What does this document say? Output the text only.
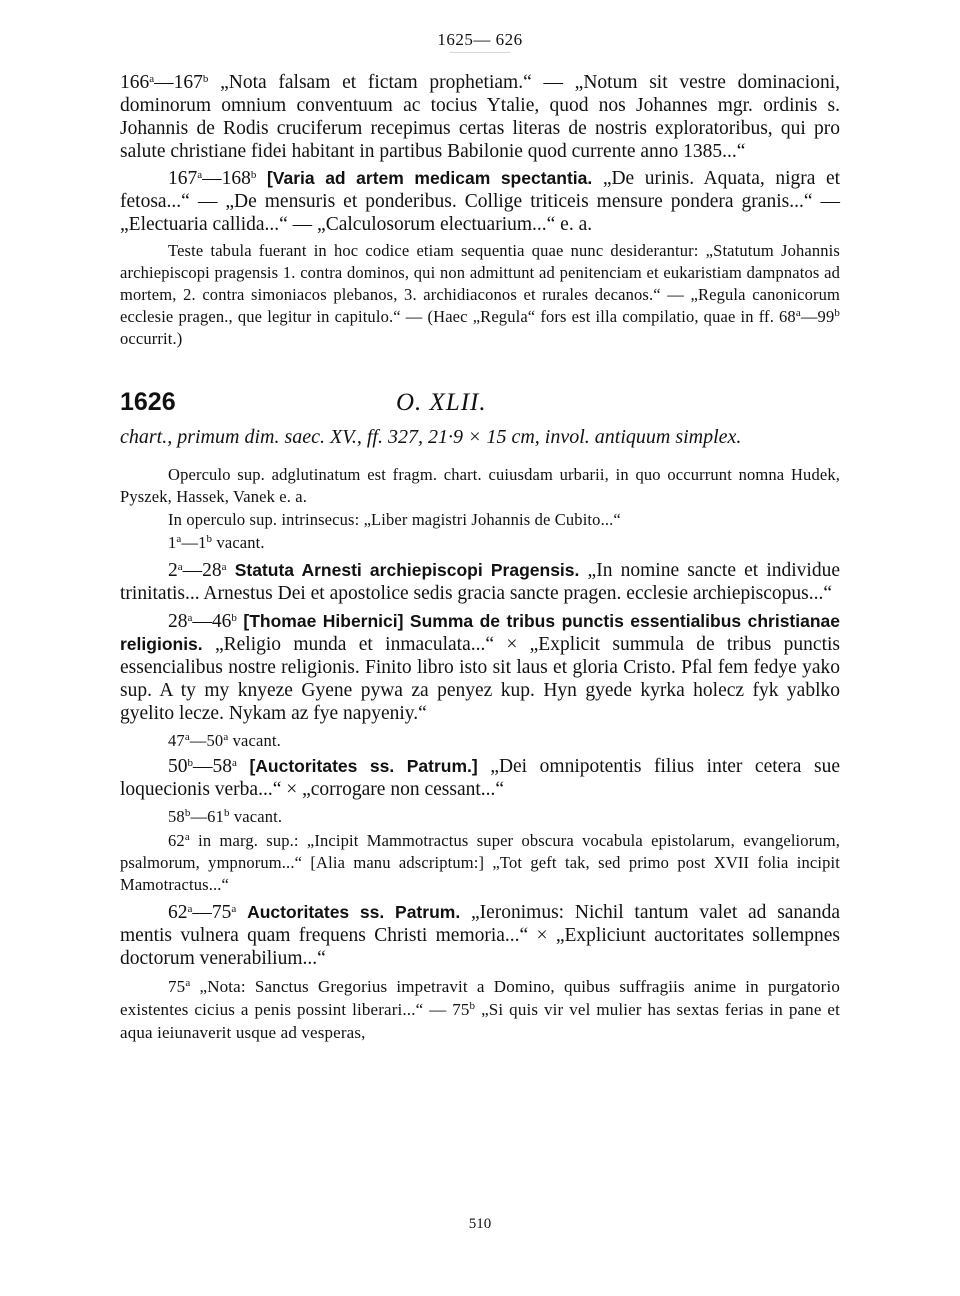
1625— 626
166$^a$—167$^b$ „Nota falsam et fictam prophetiam.“ — „Notum sit vestre dominacioni, dominorum omnium conventuum ac tocius Ytalie, quod nos Johannes mgr. ordinis s. Johannis de Rodis cruciferum recepimus certas literas de nostris exploratoribus, qui pro salute christiane fidei habitant in partibus Babilonie quod currente anno 1385...“
167$^a$—168$^b$ [Varia ad artem medicam spectantia. „De urinis. Aquata, nigra et fetosa...“ — „De mensuris et ponderibus. Collige triticeis mensure pondera granis...“ — „Electuaria callida...“ — „Calculosorum electuarium...“ e. a.
Teste tabula fuerant in hoc codice etiam sequentia quae nunc desiderantur: „Statutum Johannis archiepiscopi pragensis 1. contra dominos, qui non admittunt ad penitenciam et eukaristiam dampnatos ad mortem, 2. contra simoniacos plebanos, 3. archidiaconos et rurales decanos.“ — „Regula canonicorum ecclesie pragen., que legitur in capitulo.“ — (Haec „Regula“ fors est illa compilatio, quae in ff. 68$^a$—99$^b$ occurrit.)
1626	O. XLII.
chart., primum dim. saec. XV., ff. 327, 21·9 × 15 cm, invol. antiquum simplex.
Operculo sup. adglutinatum est fragm. chart. cuiusdam urbarii, in quo occurrunt nomna Hudek, Pyszek, Hassek, Vanek e. a.
In operculo sup. intrinsecus: „Liber magistri Johannis de Cubito...“
1$^a$—1$^b$ vacant.
2$^a$—28$^a$ Statuta Arnesti archiepiscopi Pragensis. „In nomine sancte et individue trinitatis... Arnestus Dei et apostolice sedis gracia sancte pragen. ecclesie archiepiscopus...“
28$^a$—46$^b$ [Thomae Hibernici] Summa de tribus punctis essentialibus christianae religionis. „Religio munda et inmaculata...“ × „Explicit summula de tribus punctis essencialibus nostre religionis. Finito libro isto sit laus et gloria Cristo. Pfal fem fedye yako sup. A ty my knyeze Gyene pywa za penyez kup. Hyn gyede kyrka holecz fyk yablko gyelito lecze. Nykam az fye napyeniy.“
47$^a$—50$^a$ vacant.
50$^b$—58$^a$ [Auctoritates ss. Patrum.] „Dei omnipotentis filius inter cetera sue loquecionis verba...“ × „corrogare non cessant...“
58$^b$—61$^b$ vacant.
62$^a$ in marg. sup.: „Incipit Mammotractus super obscura vocabula epistolarum, evangeliorum, psalmorum, ympnorum...“ [Alia manu adscriptum:] „Tot geft tak, sed primo post XVII folia incipit Mamotractus...“
62$^a$—75$^a$ Auctoritates ss. Patrum. „Ieronimus: Nichil tantum valet ad sananda mentis vulnera quam frequens Christi memoria...“ × „Expliciunt auctoritates sollempnes doctorum venerabilium...“
75$^a$ „Nota: Sanctus Gregorius impetravit a Domino, quibus suffragiis anime in purgatorio existentes cicius a penis possint liberari...“ — 75$^b$ „Si quis vir vel mulier has sextas ferias in pane et aqua ieiunaverit usque ad vesperas,
510
